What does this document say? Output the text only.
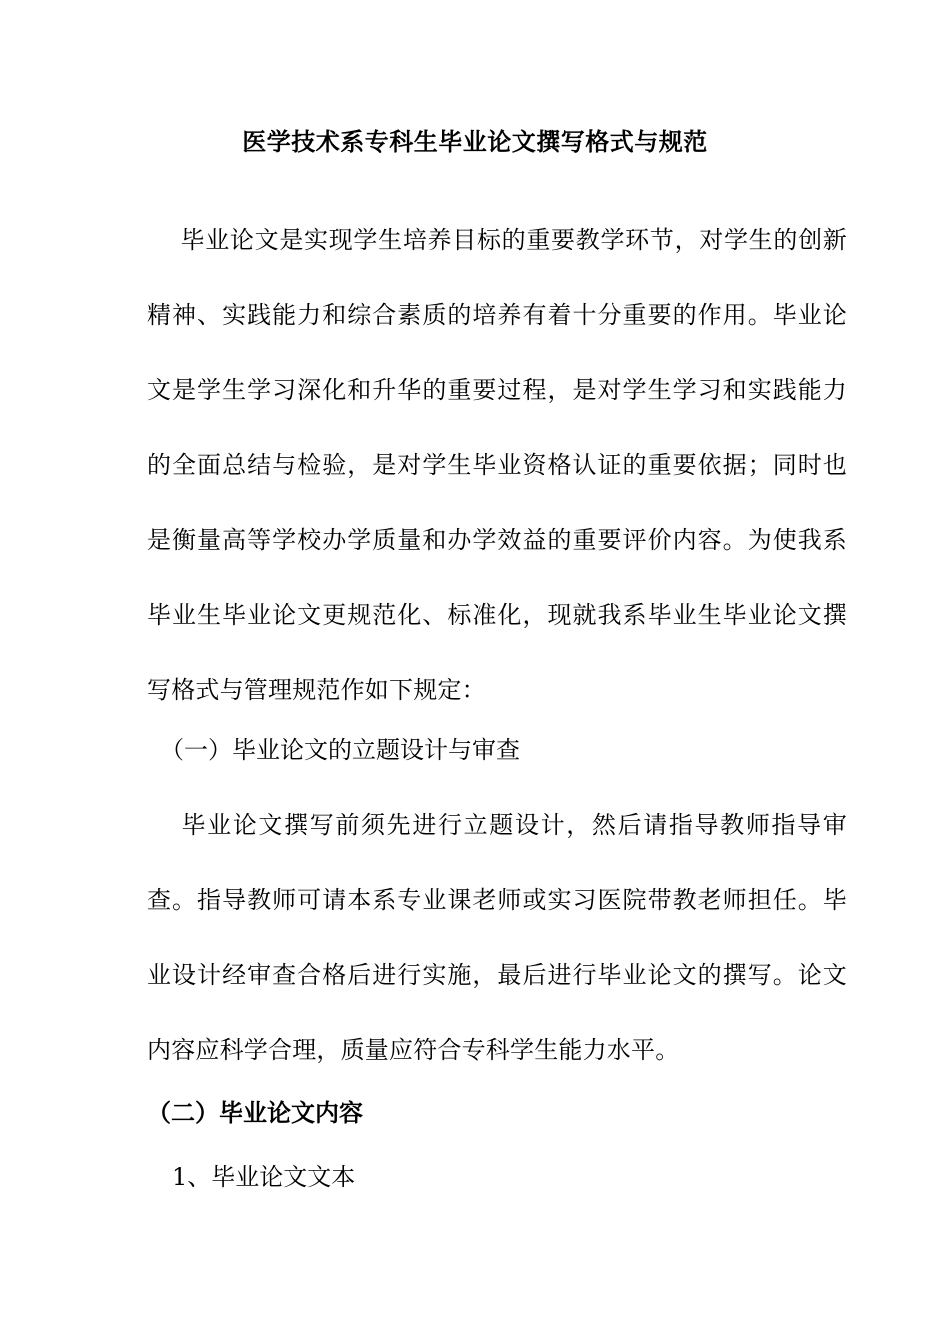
医学技术系专科生毕业论文撰写格式与规范

毕业论文是实现学生培养目标的重要教学环节，对学生的创新精神、实践能力和综合素质的培养有着十分重要的作用。毕业论文是学生学习深化和升华的重要过程，是对学生学习和实践能力的全面总结与检验，是对学生毕业资格认证的重要依据；同时也是衡量高等学校办学质量和办学效益的重要评价内容。为使我系毕业生毕业论文更规范化、标准化，现就我系毕业生毕业论文撰写格式与管理规范作如下规定：

（一）毕业论文的立题设计与审查

毕业论文撰写前须先进行立题设计，然后请指导教师指导审查。指导教师可请本系专业课老师或实习医院带教老师担任。毕业设计经审查合格后进行实施，最后进行毕业论文的撰写。论文内容应科学合理，质量应符合专科学生能力水平。

（二）毕业论文内容

1、毕业论文文本
